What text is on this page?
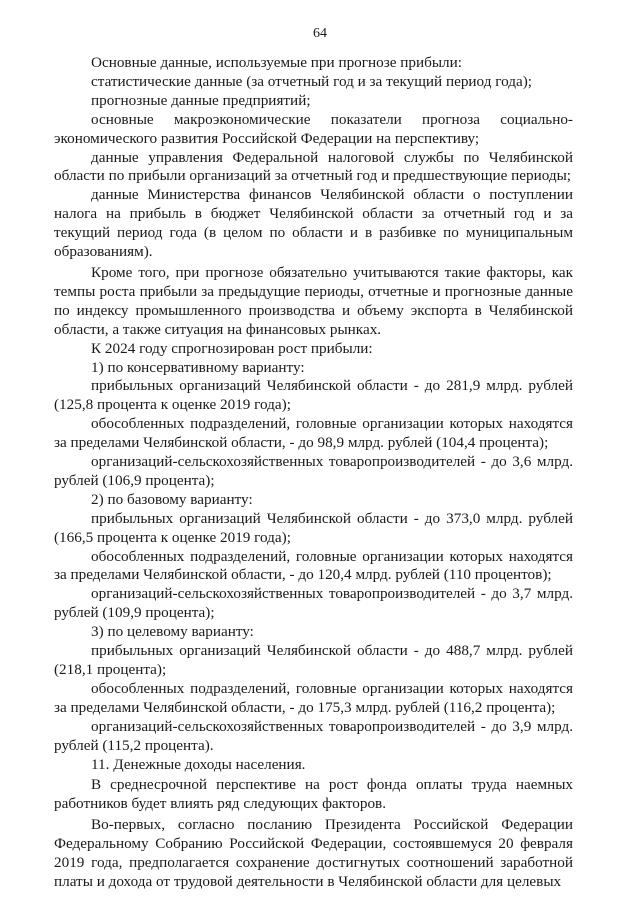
64

Основные данные, используемые при прогнозе прибыли:

статистические данные (за отчетный год и за текущий период года);

прогнозные данные предприятий;

основные макроэкономические показатели прогноза социально-экономического развития Российской Федерации на перспективу;

данные управления Федеральной налоговой службы по Челябинской области по прибыли организаций за отчетный год и предшествующие периоды;

данные Министерства финансов Челябинской области о поступлении налога на прибыль в бюджет Челябинской области за отчетный год и за текущий период года (в целом по области и в разбивке по муниципальным образованиям).

Кроме того, при прогнозе обязательно учитываются такие факторы, как темпы роста прибыли за предыдущие периоды, отчетные и прогнозные данные по индексу промышленного производства и объему экспорта в Челябинской области, а также ситуация на финансовых рынках.

К 2024 году спрогнозирован рост прибыли:

1) по консервативному варианту:

прибыльных организаций Челябинской области - до 281,9 млрд. рублей (125,8 процента к оценке 2019 года);

обособленных подразделений, головные организации которых находятся за пределами Челябинской области, - до 98,9 млрд. рублей (104,4 процента);

организаций-сельскохозяйственных товаропроизводителей - до 3,6 млрд. рублей (106,9 процента);

2) по базовому варианту:

прибыльных организаций Челябинской области - до 373,0 млрд. рублей (166,5 процента к оценке 2019 года);

обособленных подразделений, головные организации которых находятся за пределами Челябинской области, - до 120,4 млрд. рублей (110 процентов);

организаций-сельскохозяйственных товаропроизводителей - до 3,7 млрд. рублей (109,9 процента);

3) по целевому варианту:

прибыльных организаций Челябинской области - до 488,7 млрд. рублей (218,1 процента);

обособленных подразделений, головные организации которых находятся за пределами Челябинской области, - до 175,3 млрд. рублей (116,2 процента);

организаций-сельскохозяйственных товаропроизводителей - до 3,9 млрд. рублей (115,2 процента).

11. Денежные доходы населения.

В среднесрочной перспективе на рост фонда оплаты труда наемных работников будет влиять ряд следующих факторов.

Во-первых, согласно посланию Президента Российской Федерации Федеральному Собранию Российской Федерации, состоявшемуся 20 февраля 2019 года, предполагается сохранение достигнутых соотношений заработной платы и дохода от трудовой деятельности в Челябинской области для целевых
